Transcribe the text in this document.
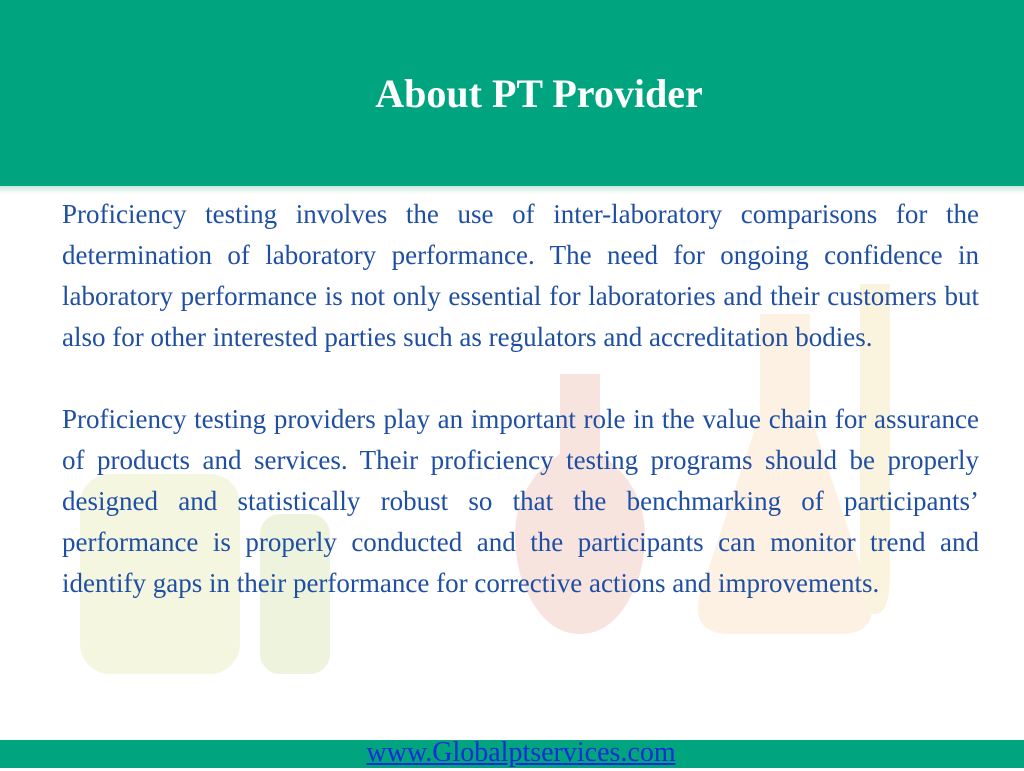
About PT Provider

Proficiency testing involves the use of inter-laboratory comparisons for the determination of laboratory performance. The need for ongoing confidence in laboratory performance is not only essential for laboratories and their customers but also for other interested parties such as regulators and accreditation bodies.

Proficiency testing providers play an important role in the value chain for assurance of products and services. Their proficiency testing programs should be properly designed and statistically robust so that the benchmarking of participants’ performance is properly conducted and the participants can monitor trend and identify gaps in their performance for corrective actions and improvements.

www.Globalptservices.com
